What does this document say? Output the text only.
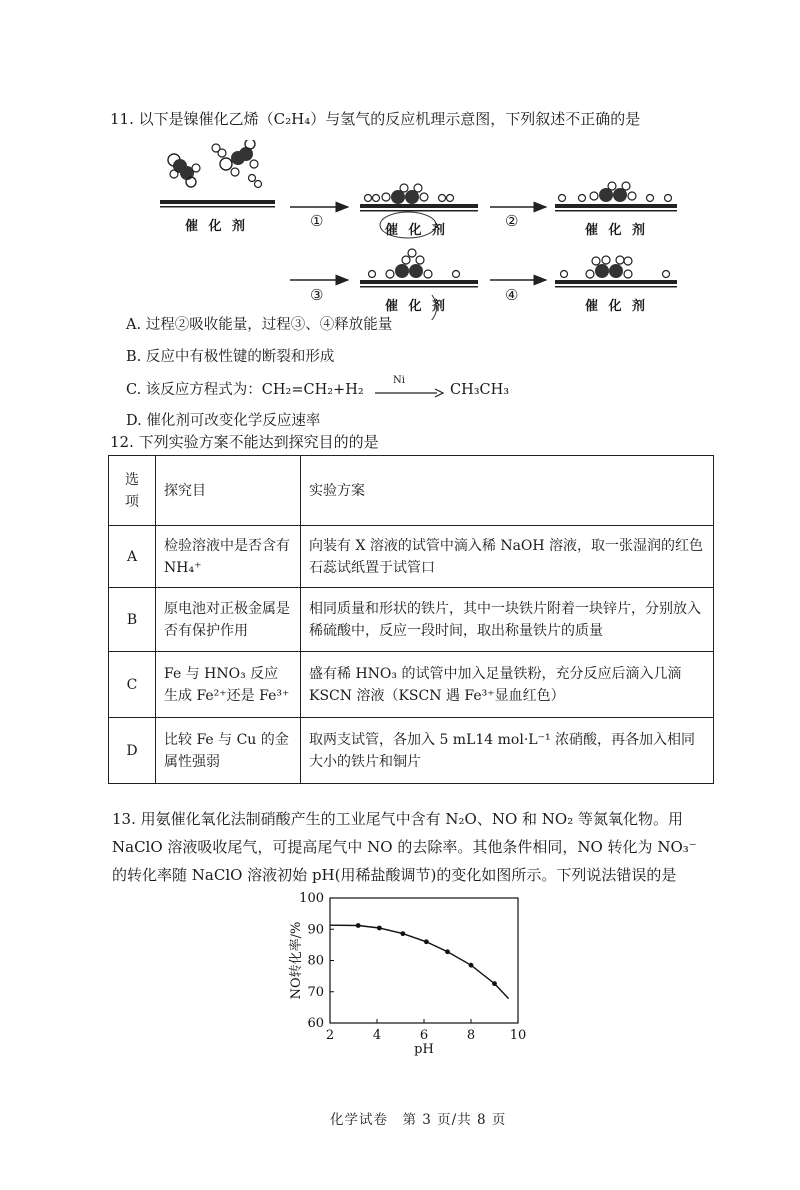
11. 以下是镍催化乙烯（C₂H₄）与氢气的反应机理示意图，下列叙述不正确的是
催 化 剂	催 化 剂	催 化 剂
催 化 剂	催 化 剂
①	②
③	④
A. 过程②吸收能量，过程③、④释放能量
B. 反应中有极性键的断裂和形成
C. 该反应方程式为：CH₂=CH₂+H₂
Ni
CH₃CH₃
D. 催化剂可改变化学反应速率
12. 下列实验方案不能达到探究目的的是
选
项	探究目	实验方案
A	检验溶液中是否含有NH₄⁺	向装有 X 溶液的试管中滴入稀 NaOH 溶液，取一张湿润的红色石蕊试纸置于试管口
B	原电池对正极金属是否有保护作用	相同质量和形状的铁片，其中一块铁片附着一块锌片，分别放入稀硫酸中，反应一段时间，取出称量铁片的质量
C	Fe 与 HNO₃ 反应生成 Fe²⁺还是 Fe³⁺	盛有稀 HNO₃ 的试管中加入足量铁粉，充分反应后滴入几滴 KSCN 溶液（KSCN 遇 Fe³⁺显血红色）
D	比较 Fe 与 Cu 的金属性强弱	取两支试管，各加入 5 mL14 mol·L⁻¹ 浓硝酸，再各加入相同大小的铁片和铜片
13. 用氨催化氧化法制硝酸产生的工业尾气中含有 N₂O、NO 和 NO₂ 等氮氧化物。用
NaClO 溶液吸收尾气，可提高尾气中 NO 的去除率。其他条件相同，NO 转化为 NO₃⁻
的转化率随 NaClO 溶液初始 pH(用稀盐酸调节)的变化如图所示。下列说法错误的是
2	4	6	8	10
60
70
80
90
100
pH
NO转化率/%
化学试卷　第 3 页/共 8 页
